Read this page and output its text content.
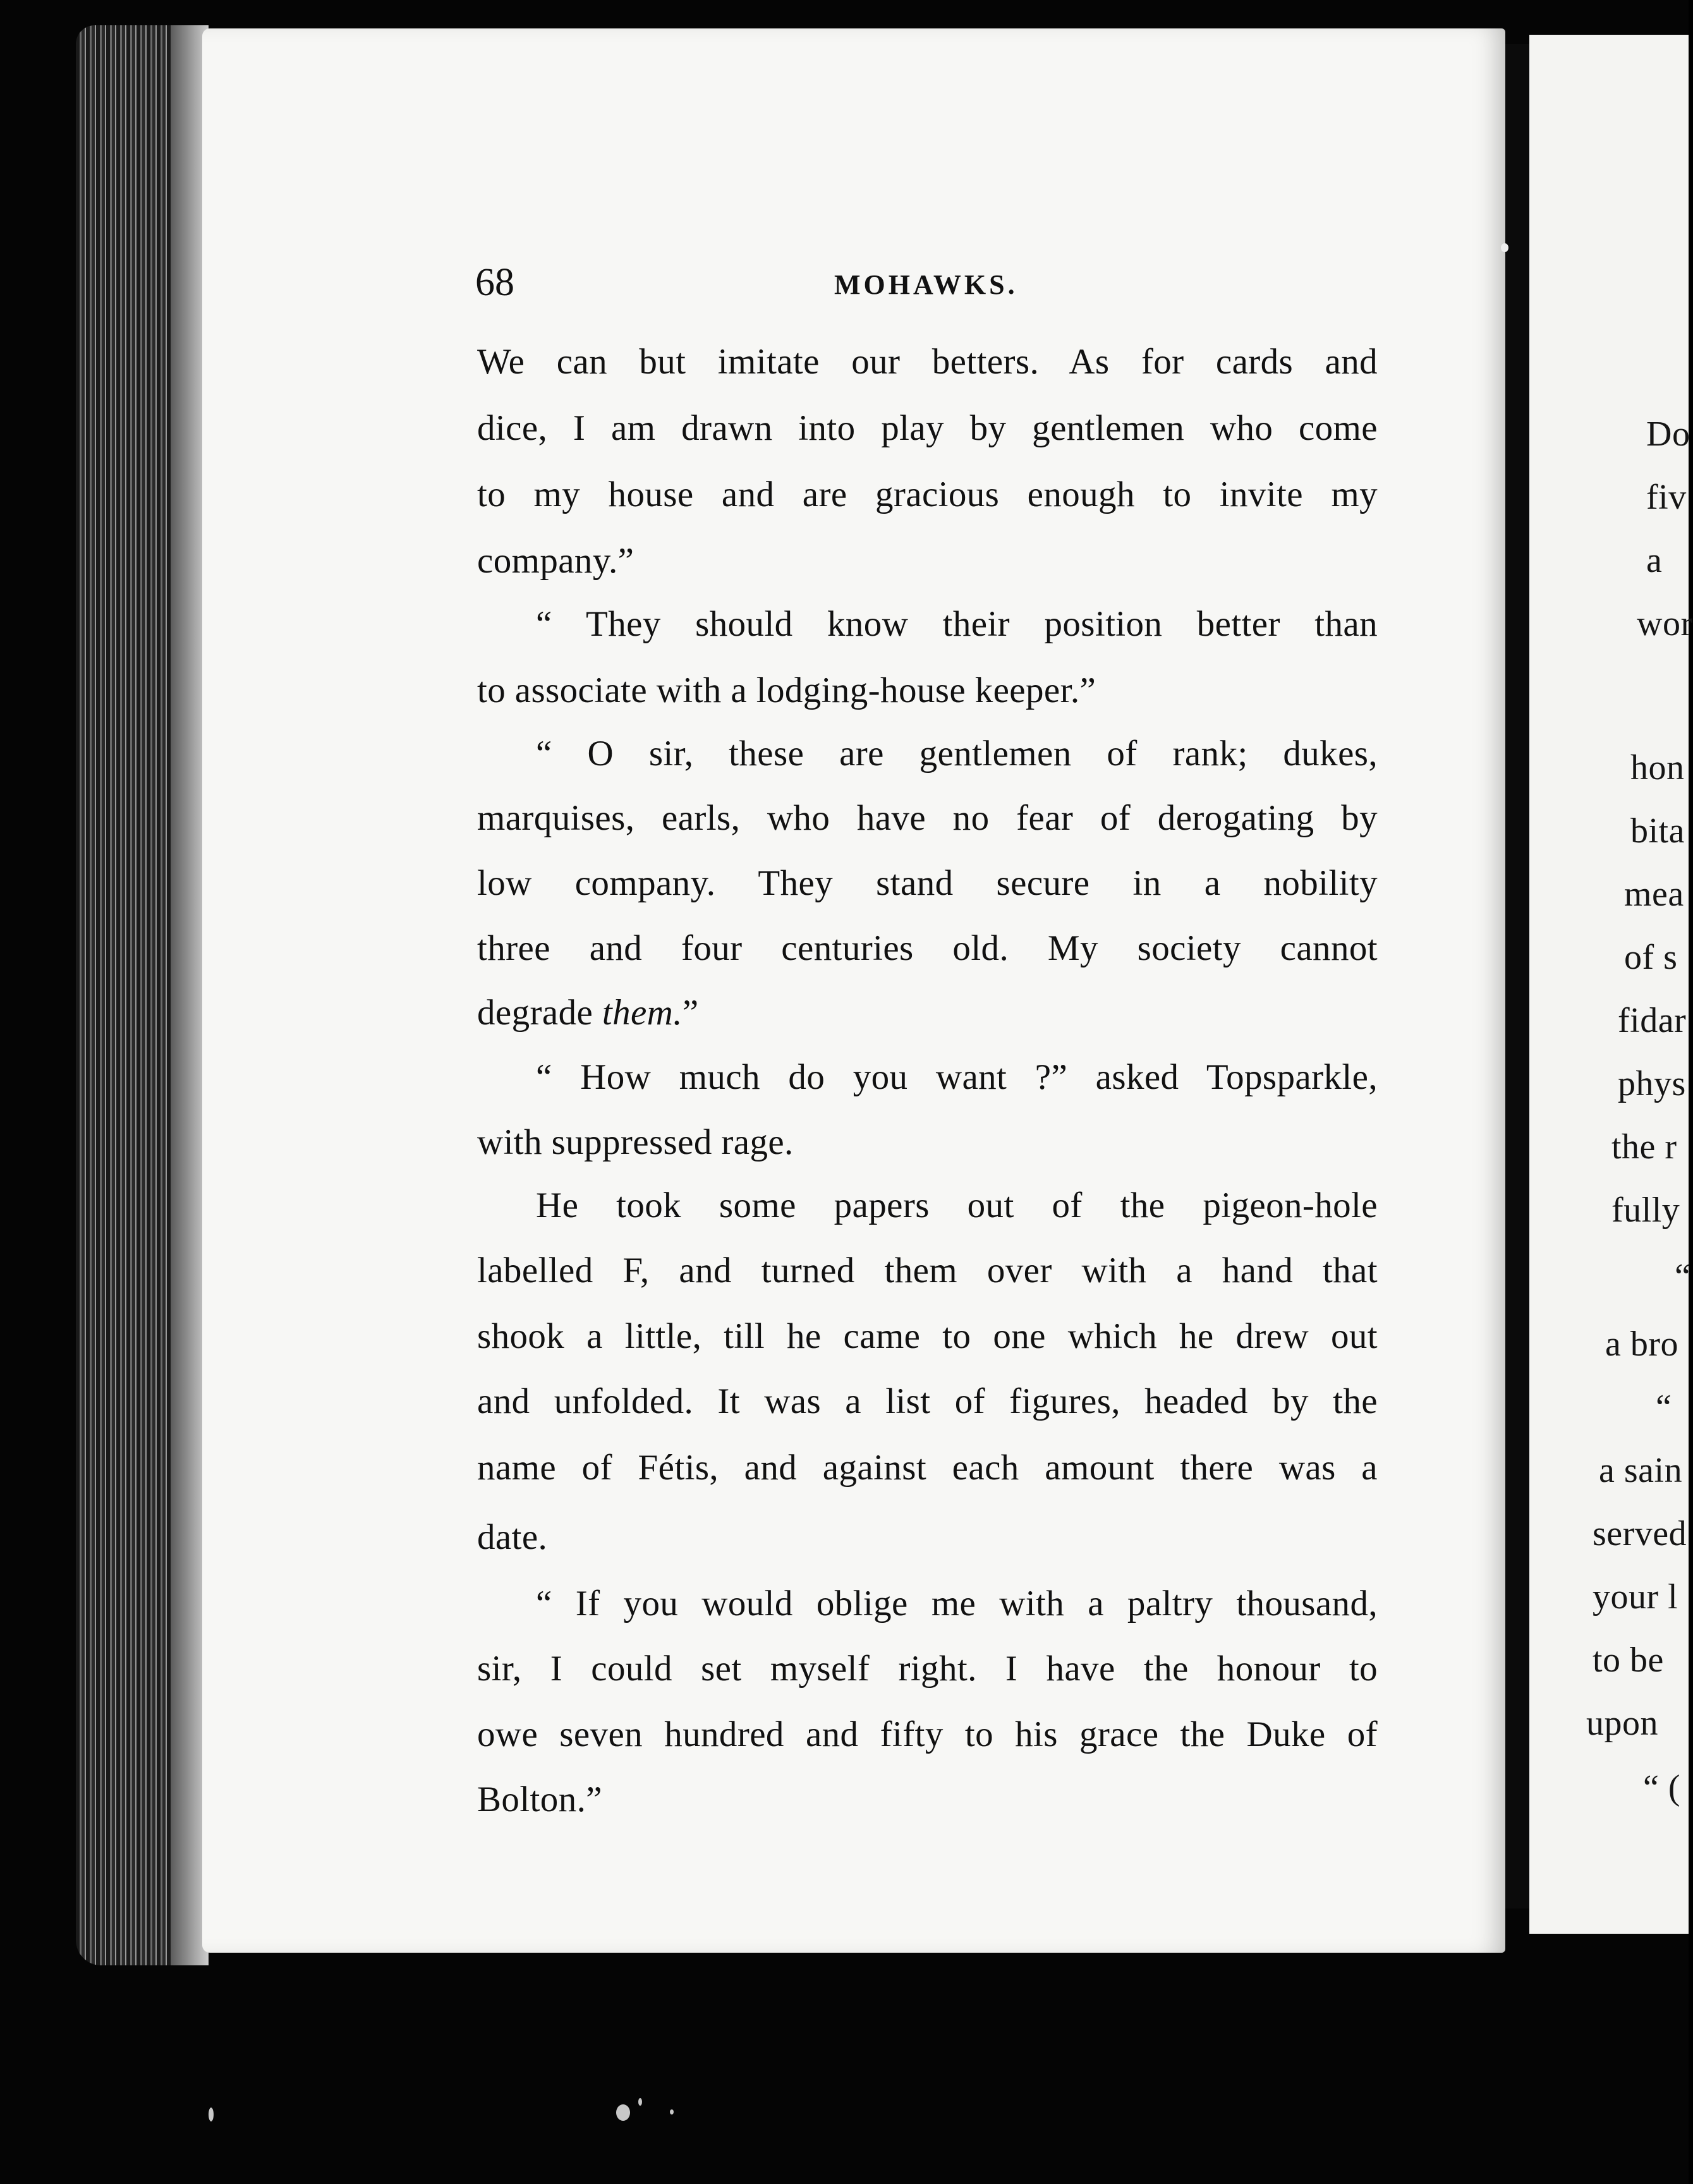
Do
fiv
a
wor
hon
bita
mea
of s
fidar
phys
the r
fully
“
a bro
“
a sain
served
your l
to be
upon
“ (
68	MOHAWKS.
We can but imitate our betters. As for cards and
dice, I am drawn into play by gentlemen who come
to my house and are gracious enough to invite my
company.”
“ They should know their position better than
to associate with a lodging-house keeper.”
“ O sir, these are gentlemen of rank; dukes,
marquises, earls, who have no fear of derogating by
low company. They stand secure in a nobility
three and four centuries old. My society cannot
degrade them.”
“ How much do you want ?” asked Topsparkle,
with suppressed rage.
He took some papers out of the pigeon-hole
labelled F, and turned them over with a hand that
shook a little, till he came to one which he drew out
and unfolded. It was a list of figures, headed by the
name of Fétis, and against each amount there was a
date.
“ If you would oblige me with a paltry thousand,
sir, I could set myself right. I have the honour to
owe seven hundred and fifty to his grace the Duke of
Bolton.”
